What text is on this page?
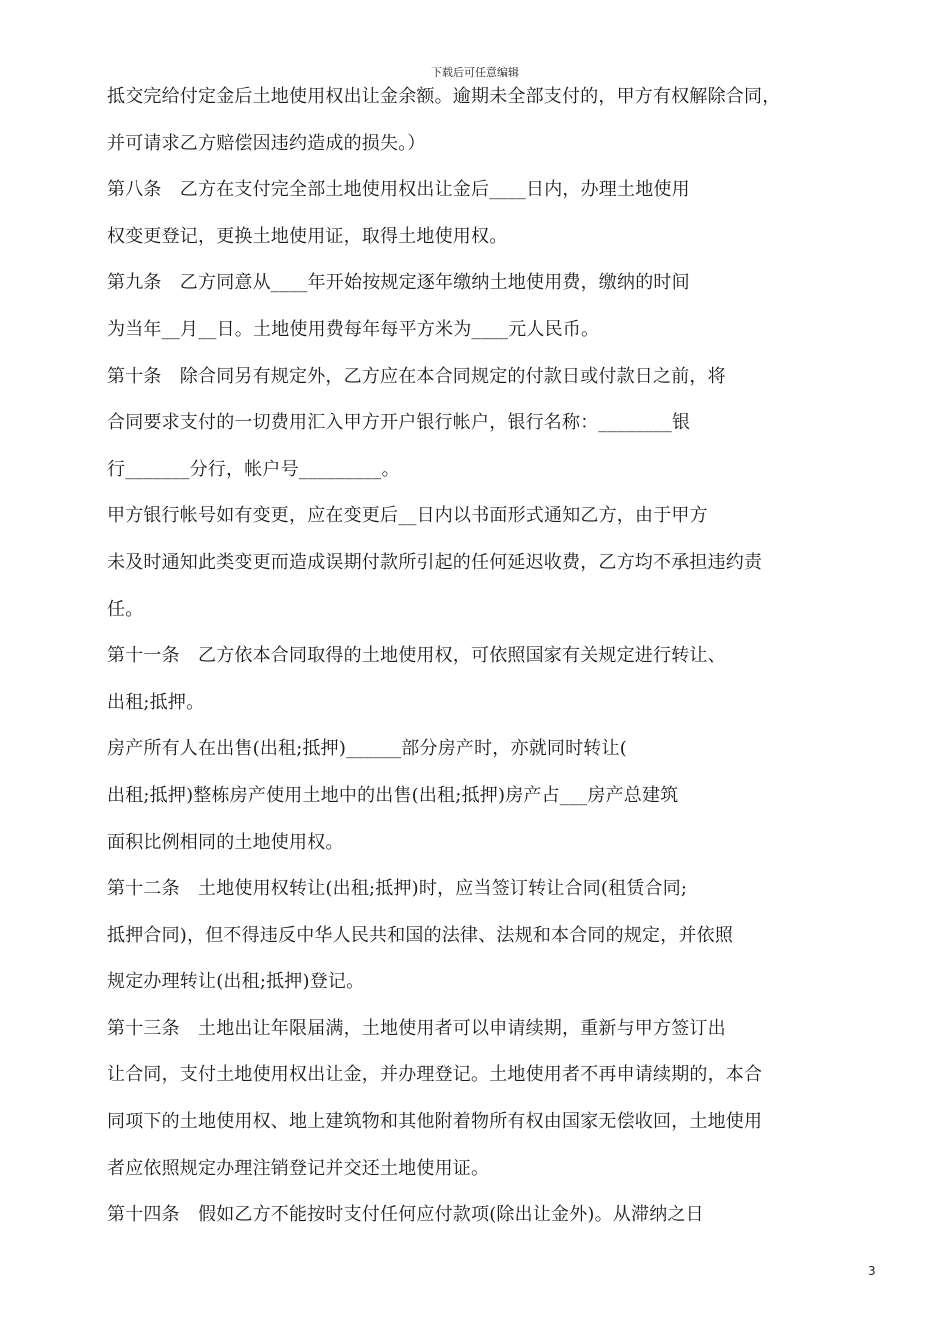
下载后可任意编辑
抵交完给付定金后土地使用权出让金余额。逾期未全部支付的，甲方有权解除合同，
并可请求乙方赔偿因违约造成的损失。）
第八条　乙方在支付完全部土地使用权出让金后____日内，办理土地使用
权变更登记，更换土地使用证，取得土地使用权。
第九条　乙方同意从____年开始按规定逐年缴纳土地使用费，缴纳的时间
为当年__月__日。土地使用费每年每平方米为____元人民币。
第十条　除合同另有规定外，乙方应在本合同规定的付款日或付款日之前，将
合同要求支付的一切费用汇入甲方开户银行帐户，银行名称：________银
行_______分行，帐户号_________。
甲方银行帐号如有变更，应在变更后__日内以书面形式通知乙方，由于甲方
未及时通知此类变更而造成误期付款所引起的任何延迟收费，乙方均不承担违约责
任。
第十一条　乙方依本合同取得的土地使用权，可依照国家有关规定进行转让、
出租;抵押。
房产所有人在出售(出租;抵押)______部分房产时，亦就同时转让(
出租;抵押)整栋房产使用土地中的出售(出租;抵押)房产占___房产总建筑
面积比例相同的土地使用权。
第十二条　土地使用权转让(出租;抵押)时，应当签订转让合同(租赁合同;
抵押合同)，但不得违反中华人民共和国的法律、法规和本合同的规定，并依照
规定办理转让(出租;抵押)登记。
第十三条　土地出让年限届满，土地使用者可以申请续期，重新与甲方签订出
让合同，支付土地使用权出让金，并办理登记。土地使用者不再申请续期的，本合
同项下的土地使用权、地上建筑物和其他附着物所有权由国家无偿收回，土地使用
者应依照规定办理注销登记并交还土地使用证。
第十四条　假如乙方不能按时支付任何应付款项(除出让金外)。从滞纳之日
3
